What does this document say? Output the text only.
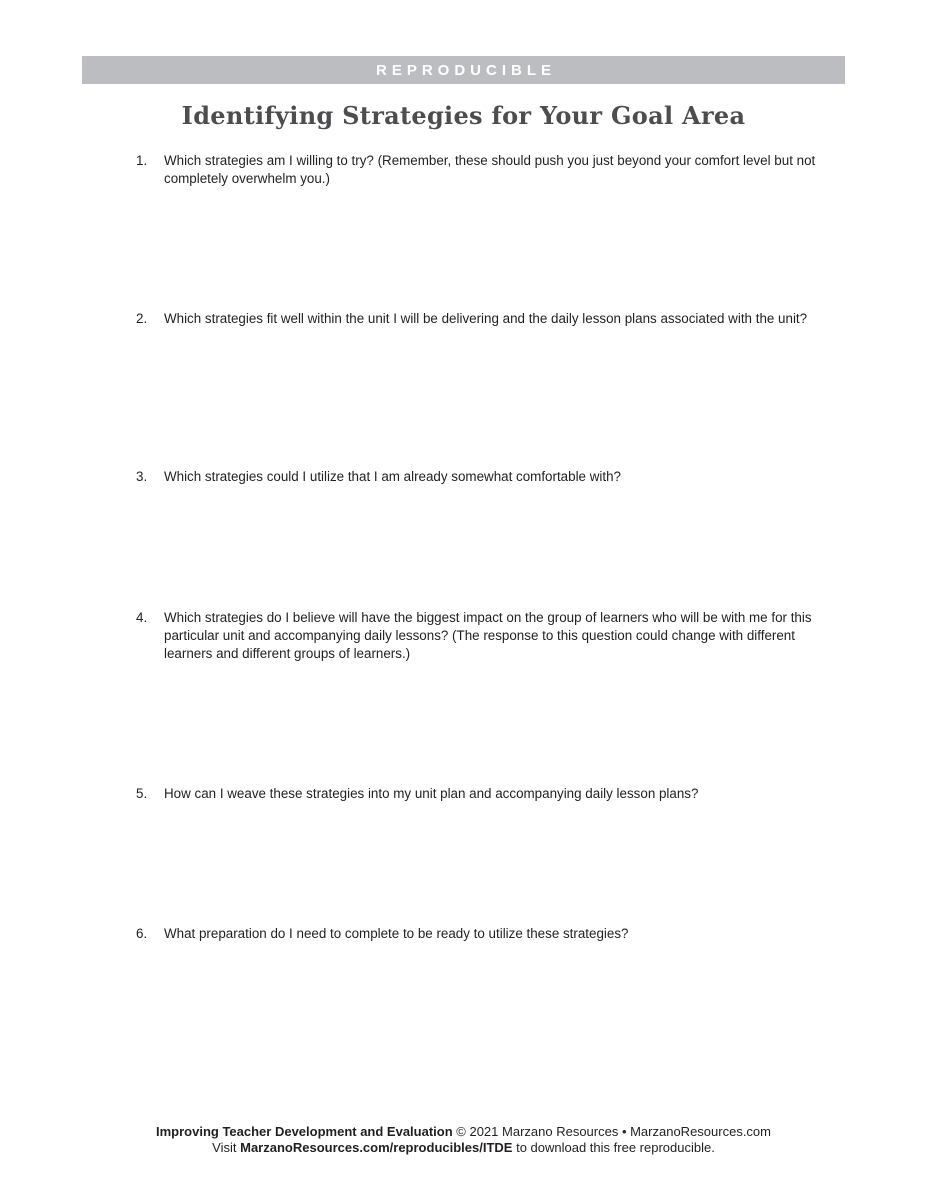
REPRODUCIBLE
Identifying Strategies for Your Goal Area
1.	Which strategies am I willing to try? (Remember, these should push you just beyond your comfort level but not completely overwhelm you.)
2.	Which strategies fit well within the unit I will be delivering and the daily lesson plans associated with the unit?
3.	Which strategies could I utilize that I am already somewhat comfortable with?
4.	Which strategies do I believe will have the biggest impact on the group of learners who will be with me for this particular unit and accompanying daily lessons? (The response to this question could change with different learners and different groups of learners.)
5.	How can I weave these strategies into my unit plan and accompanying daily lesson plans?
6.	What preparation do I need to complete to be ready to utilize these strategies?
Improving Teacher Development and Evaluation © 2021 Marzano Resources • MarzanoResources.com
Visit MarzanoResources.com/reproducibles/ITDE to download this free reproducible.
